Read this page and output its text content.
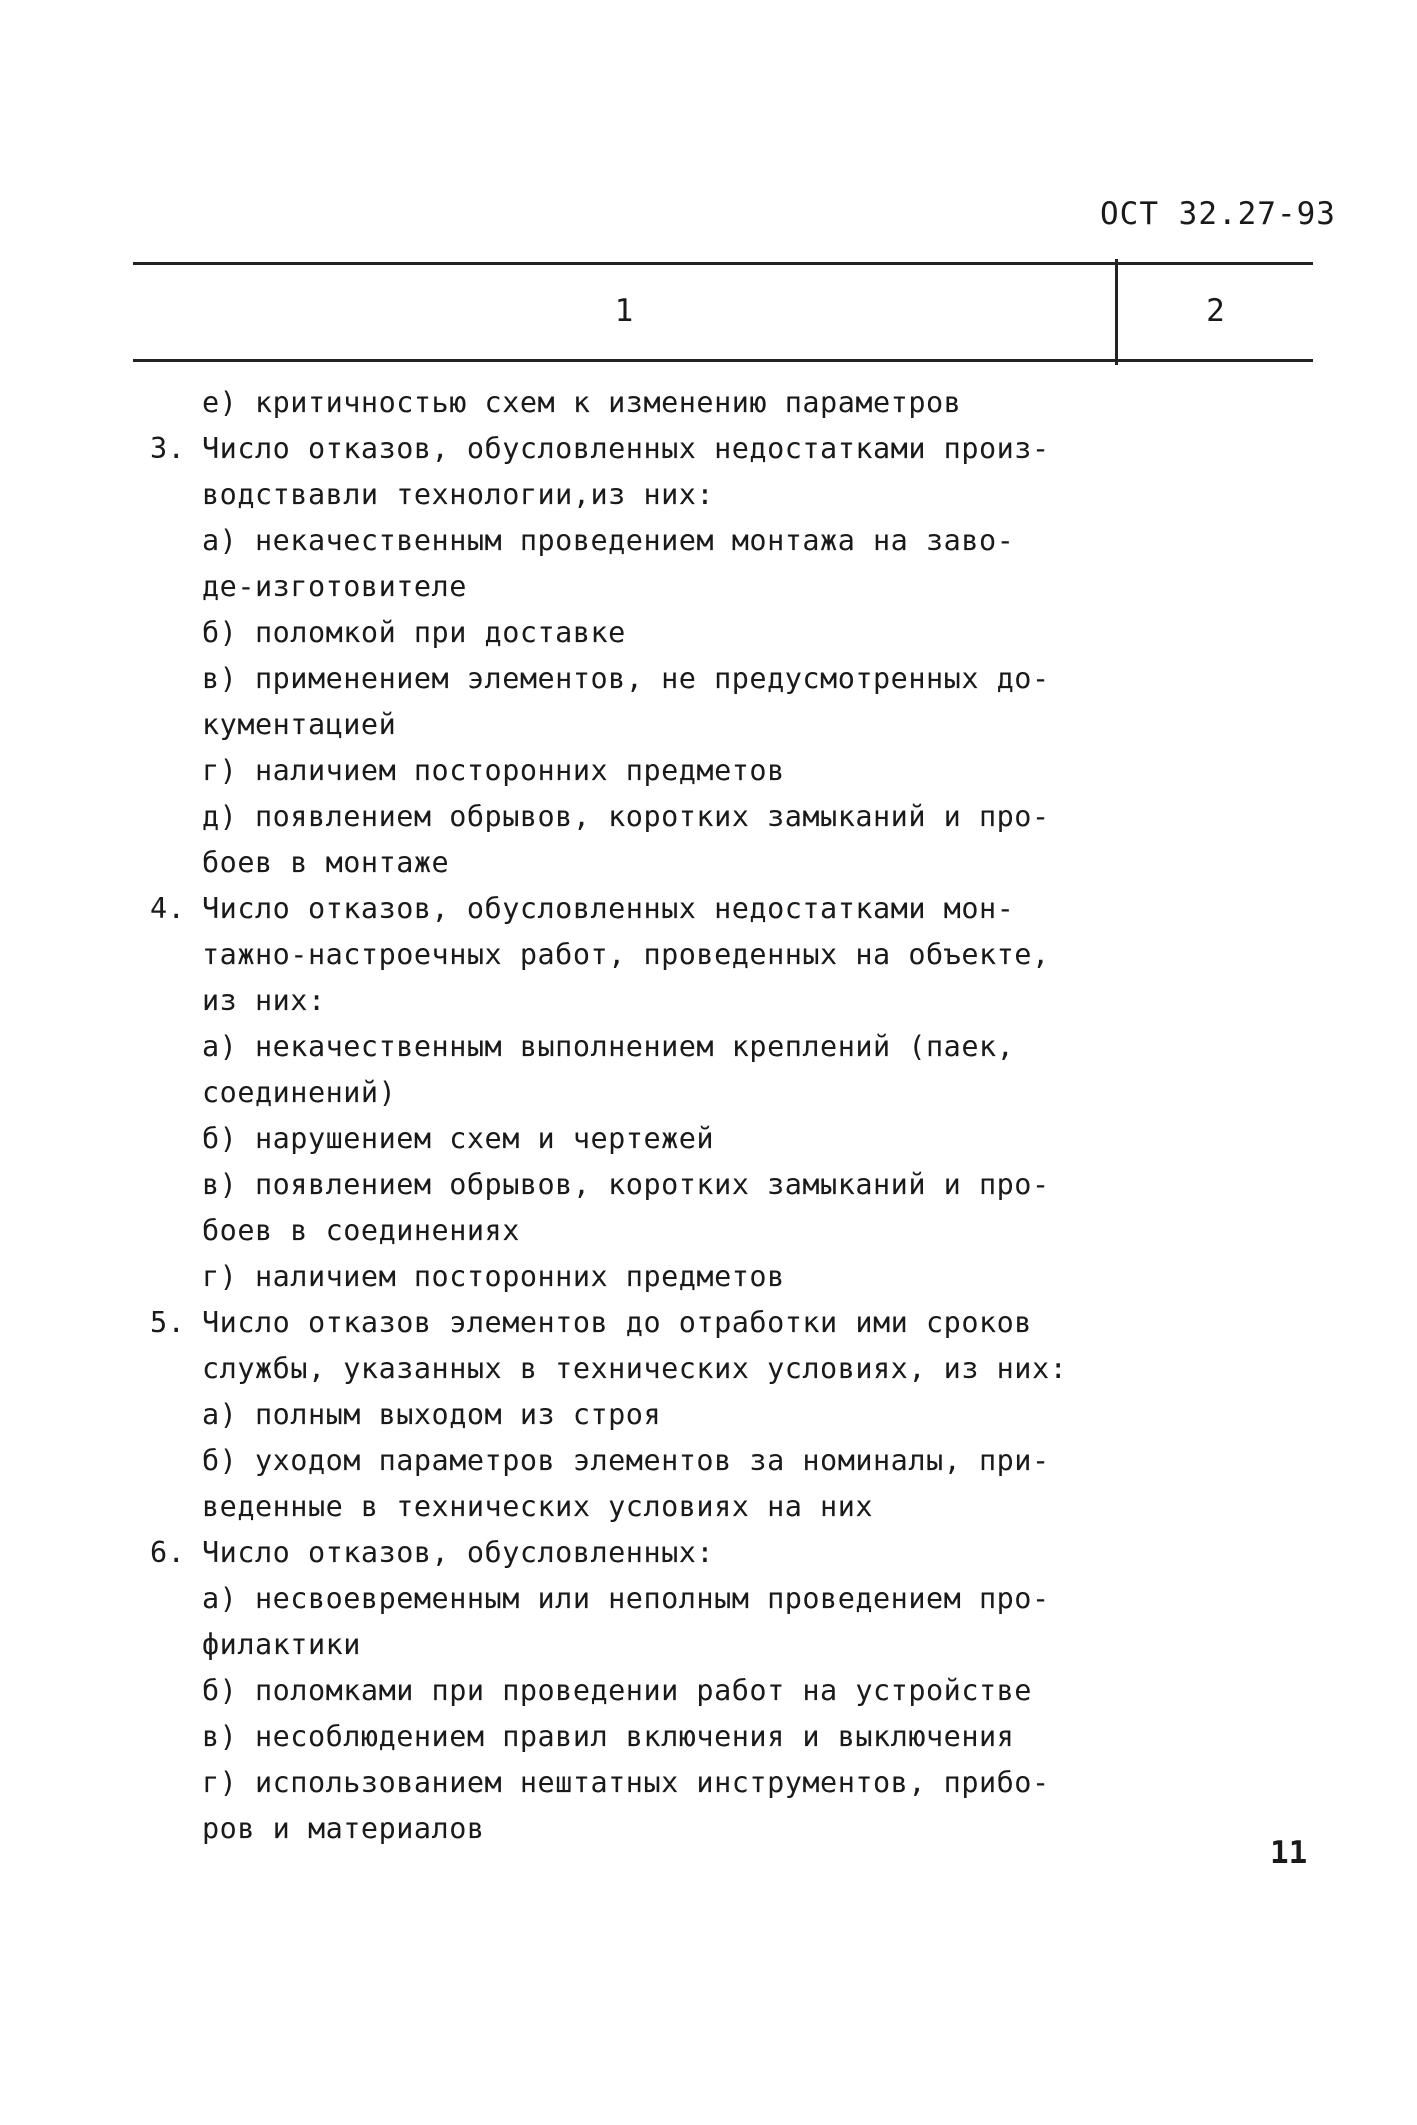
ОСТ 32.27-93
1	2
е) критичностью схем к изменению параметров
3. Число отказов, обусловленных недостатками произ-
водствавли технологии,из них:
а) некачественным проведением монтажа на заво-
де-изготовителе
б) поломкой при доставке
в) применением элементов, не предусмотренных до-
кументацией
г) наличием посторонних предметов
д) появлением обрывов, коротких замыканий и про-
боев в монтаже
4. Число отказов, обусловленных недостатками мон-
тажно-настроечных работ, проведенных на объекте,
из них:
а) некачественным выполнением креплений (паек,
соединений)
б) нарушением схем и чертежей
в) появлением обрывов, коротких замыканий и про-
боев в соединениях
г) наличием посторонних предметов
5. Число отказов элементов до отработки ими сроков
службы, указанных в технических условиях, из них:
а) полным выходом из строя
б) уходом параметров элементов за номиналы, при-
веденные в технических условиях на них
6. Число отказов, обусловленных:
а) несвоевременным или неполным проведением про-
филактики
б) поломками при проведении работ на устройстве
в) несоблюдением правил включения и выключения
г) использованием нештатных инструментов, прибо-
ров и материалов
11
